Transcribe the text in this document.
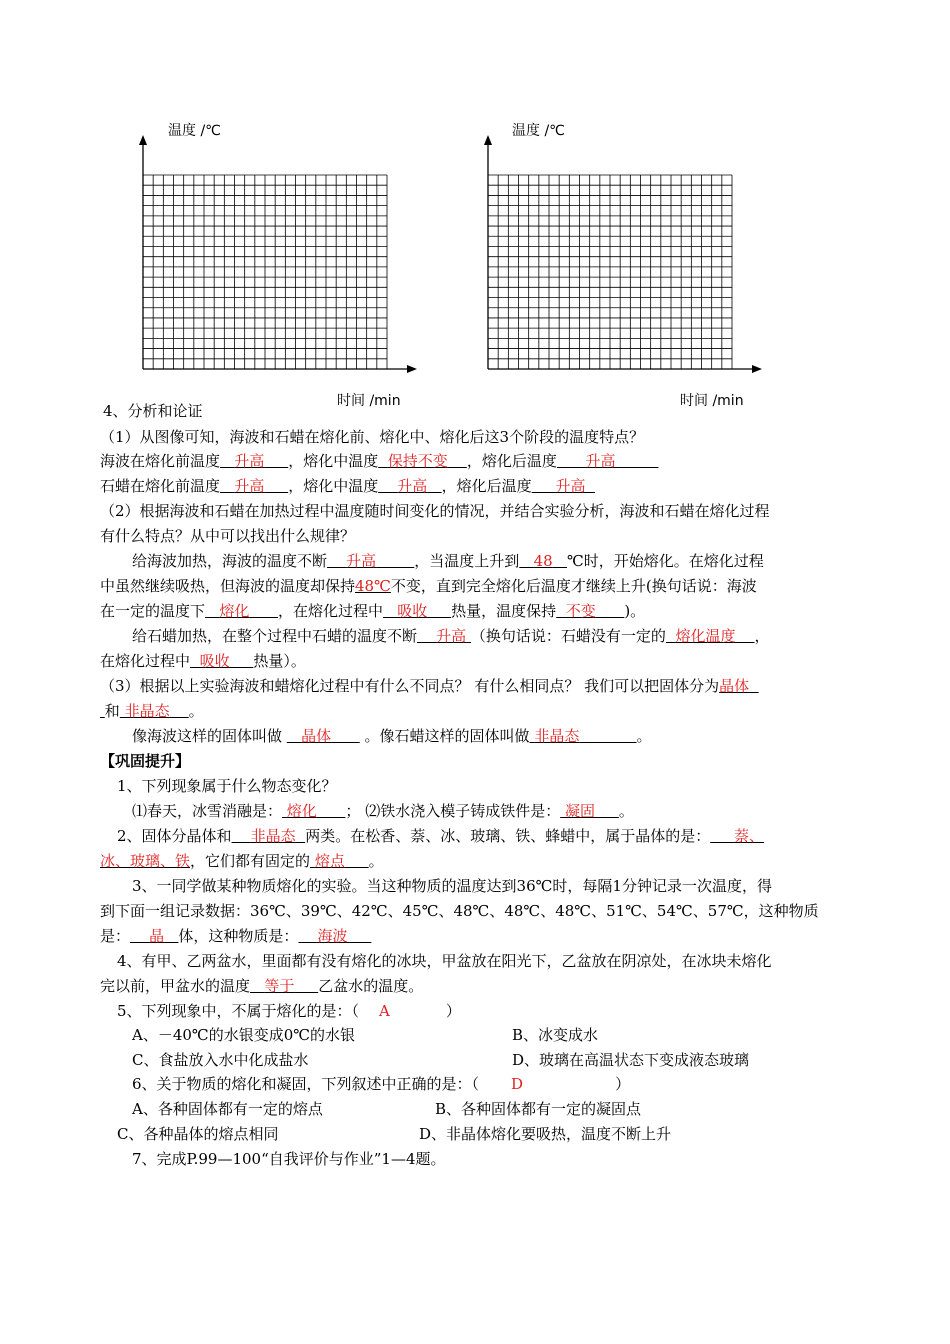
温度 /℃
时间 /min
温度 /℃
时间 /min
4、分析和论证
（1）从图像可知，海波和石蜡在熔化前、熔化中、熔化后这3个阶段的温度特点？
海波在熔化前温度 升高 ，熔化中温度 保持不变 ，熔化后温度 升高
石蜡在熔化前温度 升高 ，熔化中温度 升高 ，熔化后温度 升高
（2）根据海波和石蜡在加热过程中温度随时间变化的情况，并结合实验分析，海波和石蜡在熔化过程
有什么特点？从中可以找出什么规律？
给海波加热，海波的温度不断 升高	，当温度上升到 48 ℃时，开始熔化。在熔化过程
中虽然继续吸热，但海波的温度却保持48℃不变，直到完全熔化后温度才继续上升(换句话说：海波
在一定的温度下 熔化 ，在熔化过程中 吸收 热量，温度保持 不变 )。
给石蜡加热，在整个过程中石蜡的温度不断 升高 （换句话说：石蜡没有一定的 熔化温度 ，
在熔化过程中 吸收 热量）。
（3）根据以上实验海波和蜡熔化过程中有什么不同点？ 有什么相同点？ 我们可以把固体分为晶体
和 非晶态 。
像海波这样的固体叫做 晶体 。像石蜡这样的固体叫做 非晶态	。
【巩固提升】
1、下列现象属于什么物态变化？
⑴春天，冰雪消融是： 熔化 ； ⑵铁水浇入模子铸成铁件是： 凝固 。
2、固体分晶体和 非晶态 两类。在松香、萘、冰、玻璃、铁、蜂蜡中，属于晶体的是： 萘、
冰、玻璃、铁，它们都有固定的 熔点 。
3、一同学做某种物质熔化的实验。当这种物质的温度达到36℃时，每隔1分钟记录一次温度，得
到下面一组记录数据：36℃、39℃、42℃、45℃、48℃、48℃、48℃、51℃、54℃、57℃，这种物质
是： 晶 体，这种物质是： 海波
4、有甲、乙两盆水，里面都有没有熔化的冰块，甲盆放在阳光下，乙盆放在阴凉处，在冰块未熔化
完以前，甲盆水的温度 等于 乙盆水的温度。
5、下列现象中，不属于熔化的是：（ A	）
A、－40℃的水银变成0℃的水银	B、冰变成水
C、食盐放入水中化成盐水	D、玻璃在高温状态下变成液态玻璃
6、关于物质的熔化和凝固，下列叙述中正确的是：（ D	）
A、各种固体都有一定的熔点	B、各种固体都有一定的凝固点
C、各种晶体的熔点相同	D、非晶体熔化要吸热，温度不断上升
7、完成P.99—100“自我评价与作业”1—4题。
